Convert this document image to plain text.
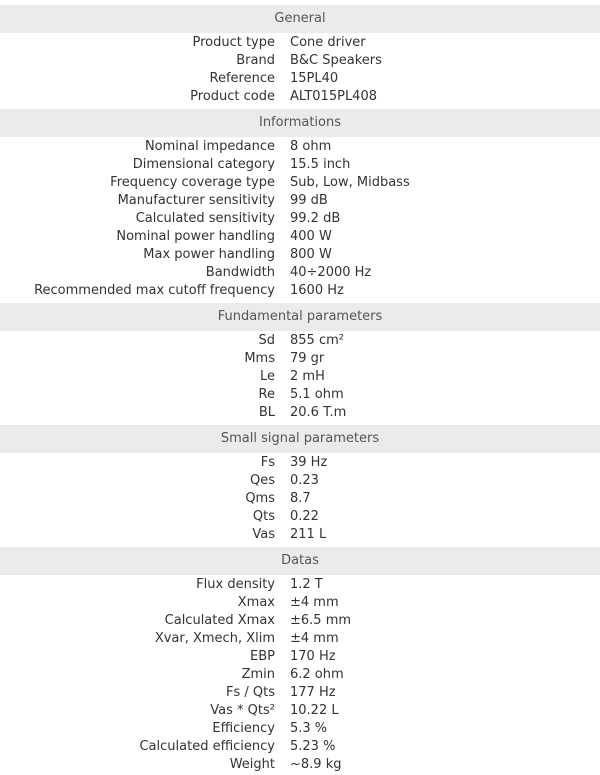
General
Product type	Cone driver
Brand	B&C Speakers
Reference	15PL40
Product code	ALT015PL408
Informations
Nominal impedance	8 ohm
Dimensional category	15.5 inch
Frequency coverage type	Sub, Low, Midbass
Manufacturer sensitivity	99 dB
Calculated sensitivity	99.2 dB
Nominal power handling	400 W
Max power handling	800 W
Bandwidth	40÷2000 Hz
Recommended max cutoff frequency	1600 Hz
Fundamental parameters
Sd	855 cm²
Mms	79 gr
Le	2 mH
Re	5.1 ohm
BL	20.6 T.m
Small signal parameters
Fs	39 Hz
Qes	0.23
Qms	8.7
Qts	0.22
Vas	211 L
Datas
Flux density	1.2 T
Xmax	±4 mm
Calculated Xmax	±6.5 mm
Xvar, Xmech, Xlim	±4 mm
EBP	170 Hz
Zmin	6.2 ohm
Fs / Qts	177 Hz
Vas * Qts²	10.22 L
Efficiency	5.3 %
Calculated efficiency	5.23 %
Weight	~8.9 kg
